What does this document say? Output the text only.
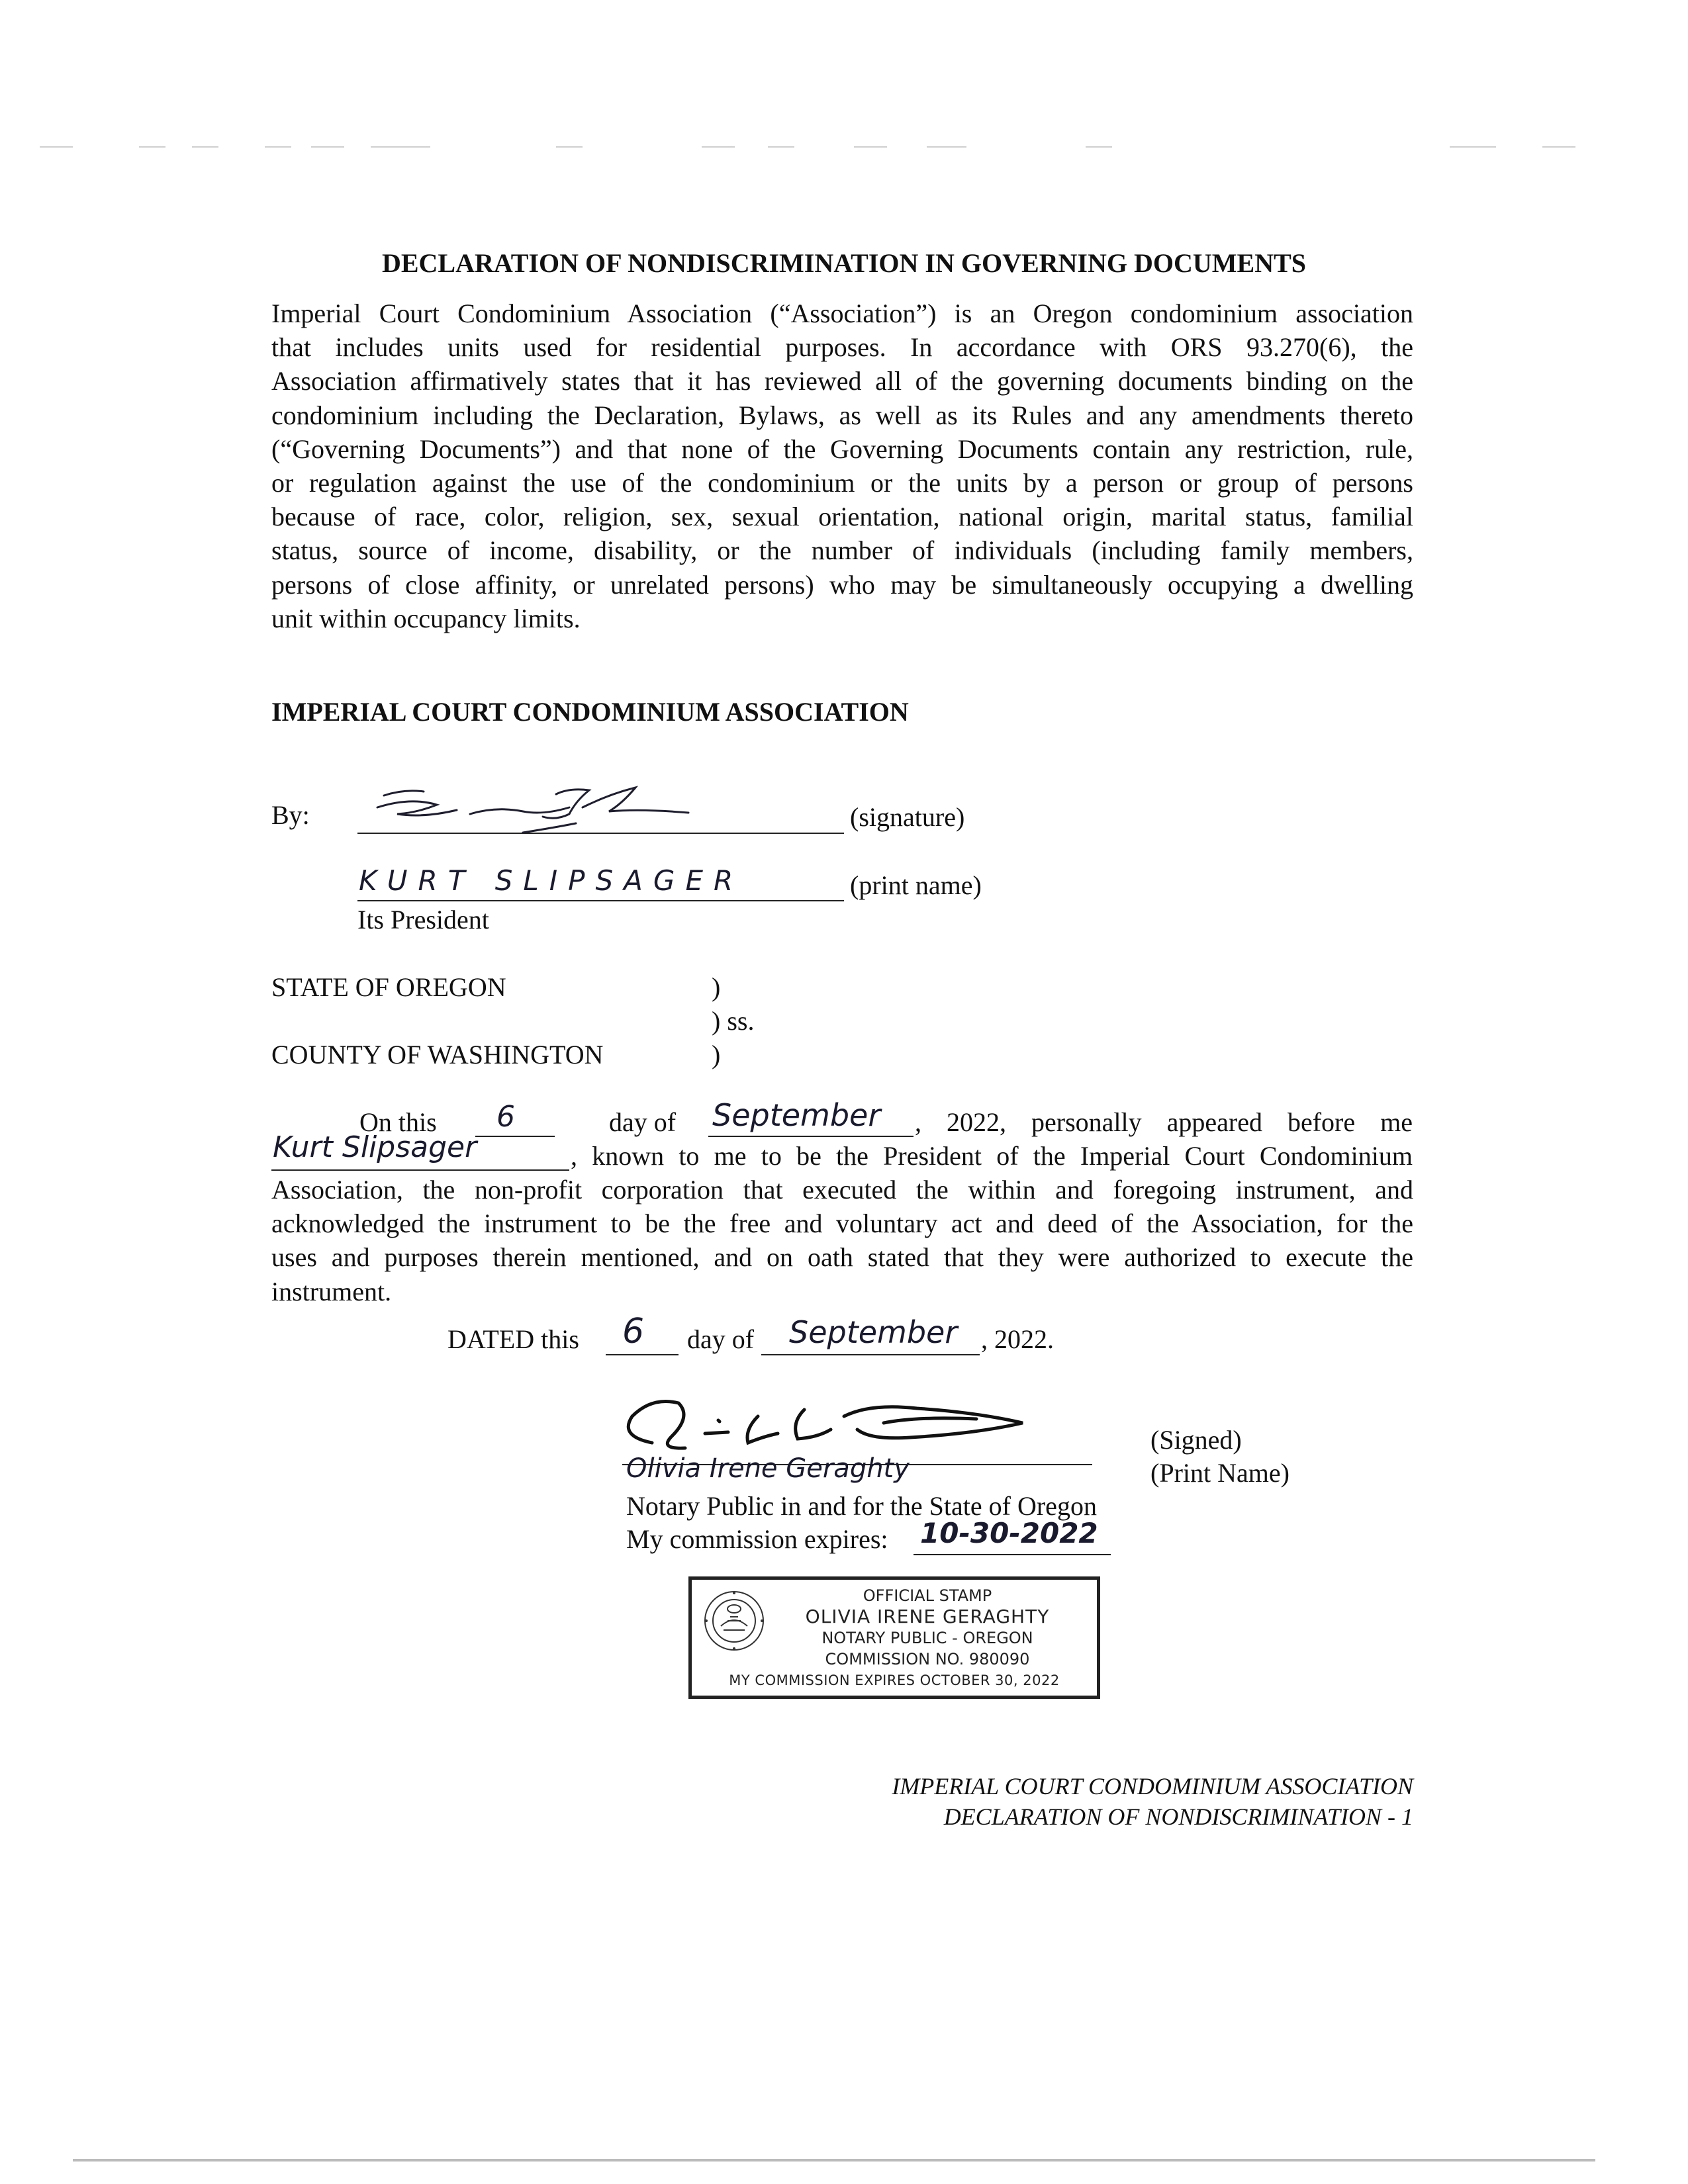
DECLARATION OF NONDISCRIMINATION IN GOVERNING DOCUMENTS

Imperial Court Condominium Association (“Association”) is an Oregon condominium association

that includes units used for residential purposes. In accordance with ORS 93.270(6), the

Association affirmatively states that it has reviewed all of the governing documents binding on the

condominium including the Declaration, Bylaws, as well as its Rules and any amendments thereto

(“Governing Documents”) and that none of the Governing Documents contain any restriction, rule,

or regulation against the use of the condominium or the units by a person or group of persons

because of race, color, religion, sex, sexual orientation, national origin, marital status, familial

status, source of income, disability, or the number of individuals (including family members,

persons of close affinity, or unrelated persons) who may be simultaneously occupying a dwelling

unit within occupancy limits.

IMPERIAL COURT CONDOMINIUM ASSOCIATION
By:	(signature)
KURT SLIPSAGER	(print name)
Its President
STATE OF OREGON	)
) ss.
COUNTY OF WASHINGTON	)
On this 6	day of September , 2022, personally appeared before me
Kurt Slipsager	, known to me to be the President of the Imperial Court Condominium
Association, the non-profit corporation that executed the within and foregoing instrument, and
acknowledged the instrument to be the free and voluntary act and deed of the Association, for the
uses and purposes therein mentioned, and on oath stated that they were authorized to execute the
instrument.
DATED this 6 day of September , 2022.
(Signed)
Olivia Irene Geraghty	(Print Name)
Notary Public in and for the State of Oregon
My commission expires: 10-30-2022
OFFICIAL STAMP
OLIVIA IRENE GERAGHTY
NOTARY PUBLIC - OREGON
COMMISSION NO. 980090
MY COMMISSION EXPIRES OCTOBER 30, 2022
IMPERIAL COURT CONDOMINIUM ASSOCIATION
DECLARATION OF NONDISCRIMINATION - 1
